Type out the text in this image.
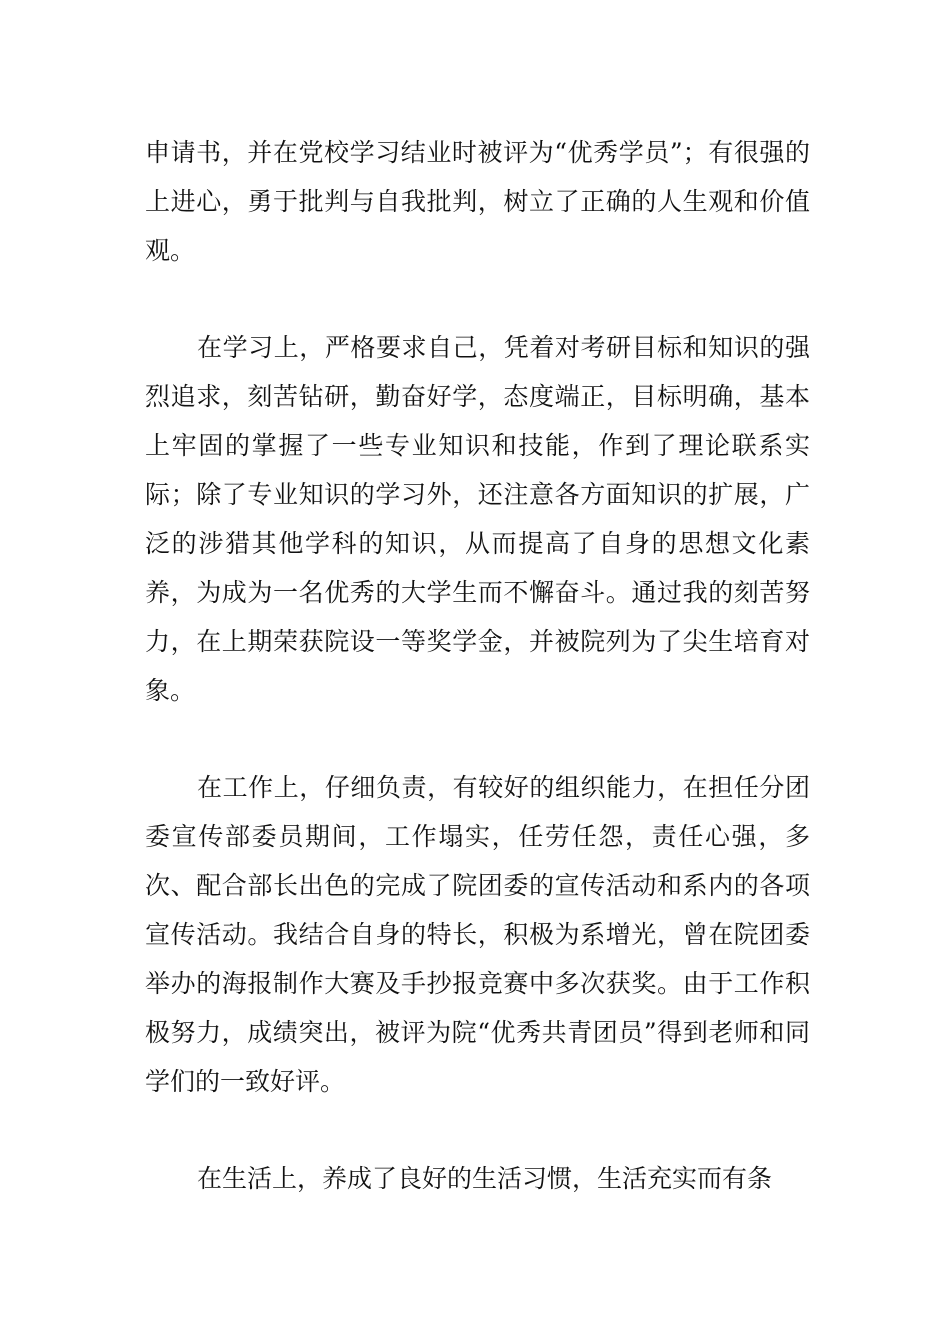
申请书，并在党校学习结业时被评为“优秀学员”；有很强的上进心，勇于批判与自我批判，树立了正确的人生观和价值观。

在学习上，严格要求自己，凭着对考研目标和知识的强烈追求，刻苦钻研，勤奋好学，态度端正，目标明确，基本上牢固的掌握了一些专业知识和技能，作到了理论联系实际；除了专业知识的学习外，还注意各方面知识的扩展，广泛的涉猎其他学科的知识，从而提高了自身的思想文化素养，为成为一名优秀的大学生而不懈奋斗。通过我的刻苦努力，在上期荣获院设一等奖学金，并被院列为了尖生培育对象。

在工作上，仔细负责，有较好的组织能力，在担任分团委宣传部委员期间，工作塌实，任劳任怨，责任心强，多次、配合部长出色的完成了院团委的宣传活动和系内的各项宣传活动。我结合自身的特长，积极为系增光，曾在院团委举办的海报制作大赛及手抄报竞赛中多次获奖。由于工作积极努力，成绩突出，被评为院“优秀共青团员”得到老师和同学们的一致好评。

在生活上，养成了良好的生活习惯，生活充实而有条
